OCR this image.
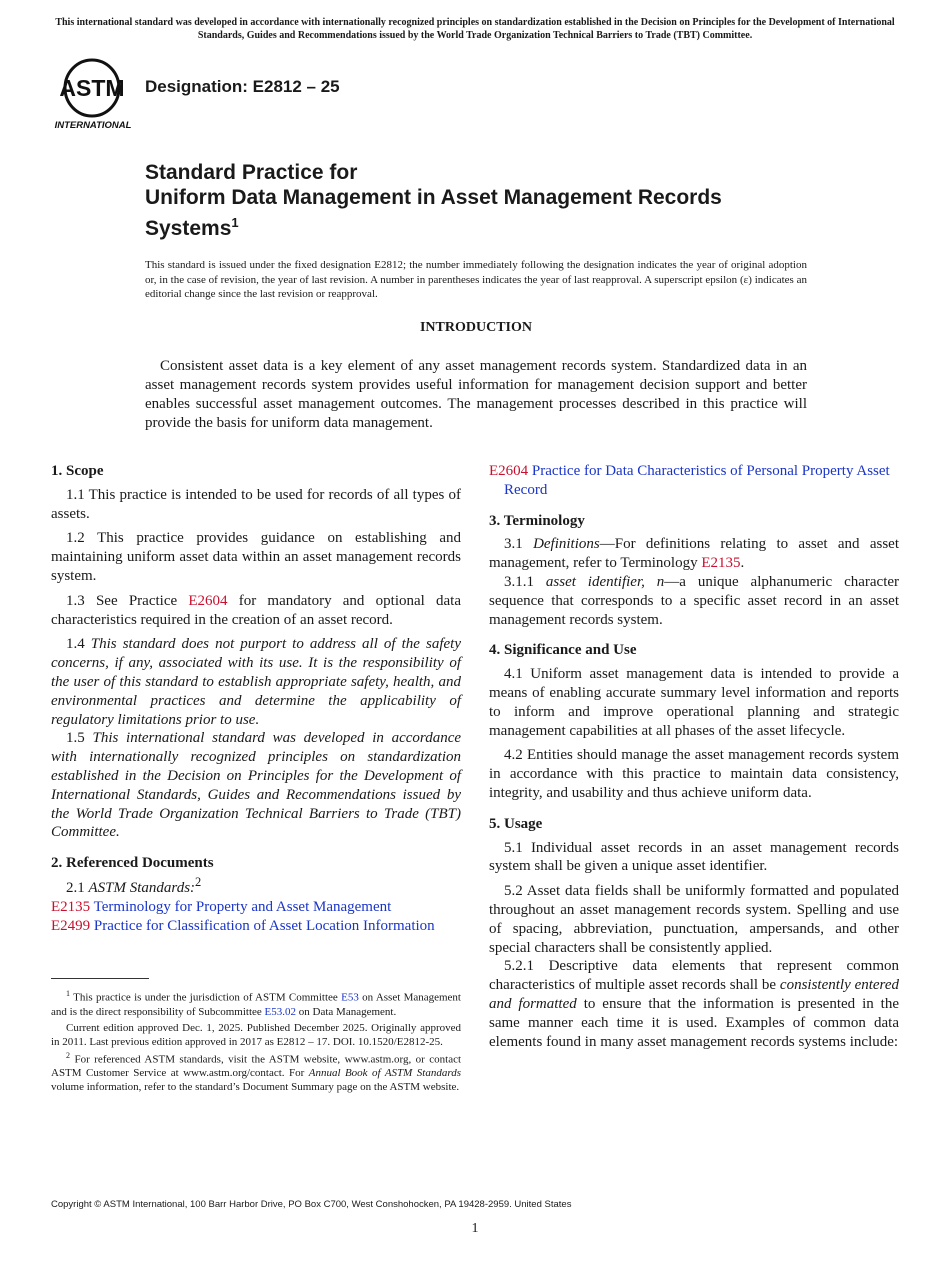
This international standard was developed in accordance with internationally recognized principles on standardization established in the Decision on Principles for the Development of International Standards, Guides and Recommendations issued by the World Trade Organization Technical Barriers to Trade (TBT) Committee.
ASTM
INTERNATIONAL
Designation: E2812 – 25
Standard Practice for
Uniform Data Management in Asset Management Records
Systems$^1$
This standard is issued under the fixed designation E2812; the number immediately following the designation indicates the year of original adoption or, in the case of revision, the year of last revision. A number in parentheses indicates the year of last reapproval. A superscript epsilon (ε) indicates an editorial change since the last revision or reapproval.
INTRODUCTION
Consistent asset data is a key element of any asset management records system. Standardized data in an asset management records system provides useful information for management decision support and better enables successful asset management outcomes. The management processes described in this practice will provide the basis for uniform data management.
1. Scope

1.1 This practice is intended to be used for records of all types of assets.

1.2 This practice provides guidance on establishing and maintaining uniform asset data within an asset management records system.

1.3 See Practice E2604 for mandatory and optional data characteristics required in the creation of an asset record.

1.4 This standard does not purport to address all of the safety concerns, if any, associated with its use. It is the responsibility of the user of this standard to establish appropriate safety, health, and environmental practices and determine the applicability of regulatory limitations prior to use.

1.5 This international standard was developed in accordance with internationally recognized principles on standardization established in the Decision on Principles for the Development of International Standards, Guides and Recommendations issued by the World Trade Organization Technical Barriers to Trade (TBT) Committee.

2. Referenced Documents

2.1 ASTM Standards:$^2$

E2135 Terminology for Property and Asset Management

E2499 Practice for Classification of Asset Location Information

E2604 Practice for Data Characteristics of Personal Property Asset Record

3. Terminology

3.1 Definitions—For definitions relating to asset and asset management, refer to Terminology E2135.

3.1.1 asset identifier, n—a unique alphanumeric character sequence that corresponds to a specific asset record in an asset management records system.

4. Significance and Use

4.1 Uniform asset management data is intended to provide a means of enabling accurate summary level information and reports to inform and improve operational planning and strategic management capabilities at all phases of the asset lifecycle.

4.2 Entities should manage the asset management records system in accordance with this practice to maintain data consistency, integrity, and usability and thus achieve uniform data.

5. Usage

5.1 Individual asset records in an asset management records system shall be given a unique asset identifier.

5.2 Asset data fields shall be uniformly formatted and populated throughout an asset management records system. Spelling and use of spacing, abbreviation, punctuation, ampersands, and other special characters shall be consistently applied.

5.2.1 Descriptive data elements that represent common characteristics of multiple asset records shall be consistently entered and formatted to ensure that the information is presented in the same manner each time it is used. Examples of common data elements found in many asset management records systems include:

$^1$ This practice is under the jurisdiction of ASTM Committee E53 on Asset Management and is the direct responsibility of Subcommittee E53.02 on Data Management.

Current edition approved Dec. 1, 2025. Published December 2025. Originally approved in 2011. Last previous edition approved in 2017 as E2812 – 17. DOI. 10.1520/E2812-25.

$^2$ For referenced ASTM standards, visit the ASTM website, www.astm.org, or contact ASTM Customer Service at www.astm.org/contact. For Annual Book of ASTM Standards volume information, refer to the standard’s Document Summary page on the ASTM website.

Copyright © ASTM International, 100 Barr Harbor Drive, PO Box C700, West Conshohocken, PA 19428-2959. United States
1
